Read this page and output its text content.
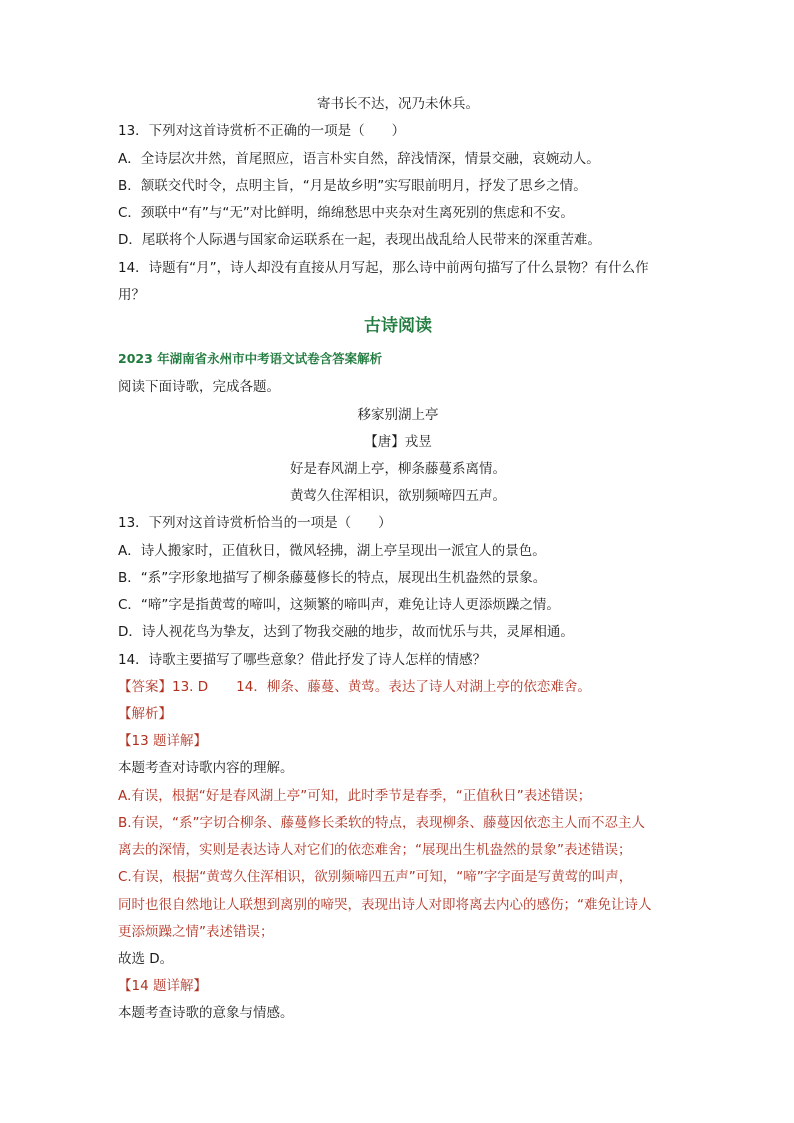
寄书长不达，况乃未休兵。
13．下列对这首诗赏析不正确的一项是（　　）
A．全诗层次井然，首尾照应，语言朴实自然，辞浅情深，情景交融，哀婉动人。
B．颔联交代时令，点明主旨，“月是故乡明”实写眼前明月，抒发了思乡之情。
C．颈联中“有”与“无”对比鲜明，绵绵愁思中夹杂对生离死别的焦虑和不安。
D．尾联将个人际遇与国家命运联系在一起，表现出战乱给人民带来的深重苦难。
14．诗题有“月”，诗人却没有直接从月写起，那么诗中前两句描写了什么景物？有什么作
用？
古诗阅读
2023 年湖南省永州市中考语文试卷含答案解析
阅读下面诗歌，完成各题。
移家别湖上亭
【唐】戎昱
好是春风湖上亭，柳条藤蔓系离情。
黄莺久住浑相识，欲别频啼四五声。
13．下列对这首诗赏析恰当的一项是（　　）
A．诗人搬家时，正值秋日，微风轻拂，湖上亭呈现出一派宜人的景色。
B．“系”字形象地描写了柳条藤蔓修长的特点，展现出生机盎然的景象。
C．“啼”字是指黄莺的啼叫，这频繁的啼叫声，难免让诗人更添烦躁之情。
D．诗人视花鸟为挚友，达到了物我交融的地步，故而忧乐与共，灵犀相通。
14．诗歌主要描写了哪些意象？借此抒发了诗人怎样的情感？
【答案】13. D 14．柳条、藤蔓、黄莺。表达了诗人对湖上亭的依恋难舍。
【解析】
【13 题详解】
本题考查对诗歌内容的理解。
A.有误，根据“好是春风湖上亭”可知，此时季节是春季，“正值秋日”表述错误；
B.有误，“系”字切合柳条、藤蔓修长柔软的特点，表现柳条、藤蔓因依恋主人而不忍主人
离去的深情，实则是表达诗人对它们的依恋难舍；“展现出生机盎然的景象”表述错误；
C.有误，根据“黄莺久住浑相识，欲别频啼四五声”可知，“啼”字字面是写黄莺的叫声，
同时也很自然地让人联想到离别的啼哭，表现出诗人对即将离去内心的感伤；“难免让诗人
更添烦躁之情”表述错误；
故选 D。
【14 题详解】
本题考查诗歌的意象与情感。
